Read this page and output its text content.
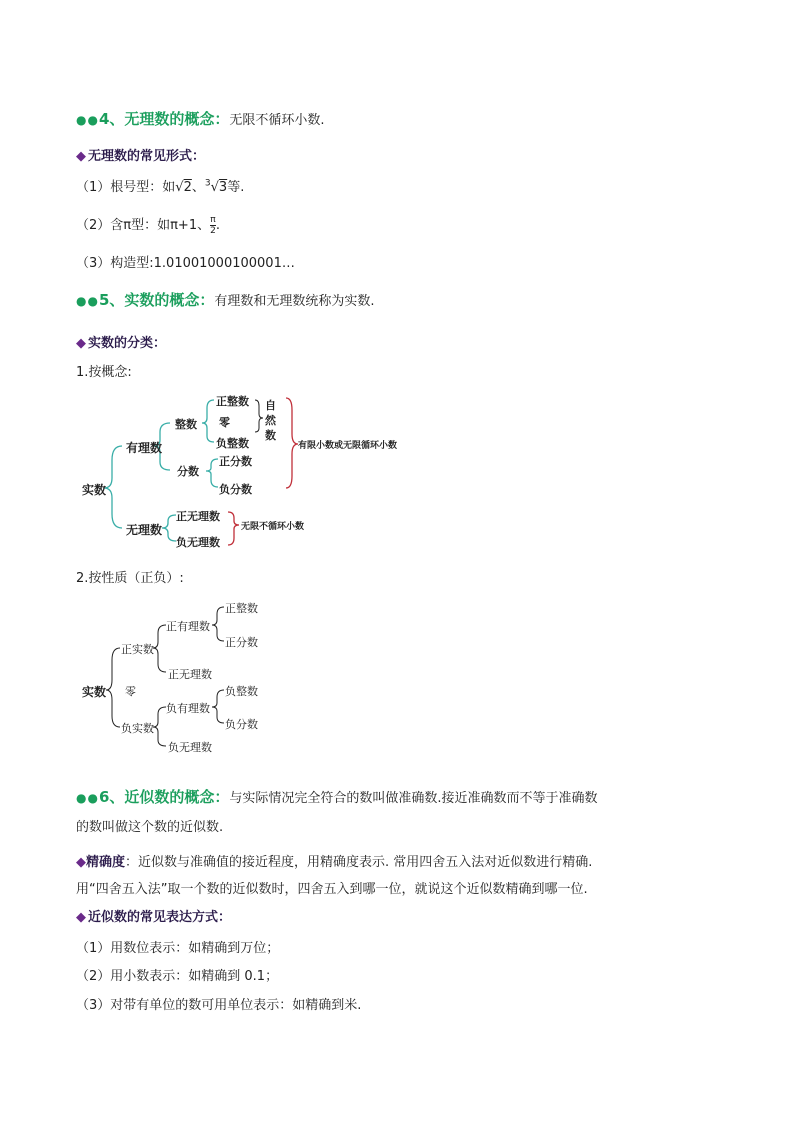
●●4、无理数的概念：无限不循环小数.
◆ 无理数的常见形式：
（1）根号型：如√2、$^3$√3等.
（2）含π型：如π+1、 $\frac{\pi}{2}$ .
（3）构造型:1.01001000100001…
●●5、实数的概念：有理数和无理数统称为实数.
◆ 实数的分类：
1.按概念:
实数
有理数
无理数
整数
分数
正整数
零
负整数
自
然
数
正分数
负分数
有限小数或无限循环小数
正无理数
负无理数
无限不循环小数
2.按性质（正负）:
实数
正实数
正有理数
正整数
正分数
正无理数
零
负实数
负有理数
负整数
负分数
负无理数
●●6、近似数的概念：与实际情况完全符合的数叫做准确数.接近准确数而不等于准确数
的数叫做这个数的近似数.
◆精确度：近似数与准确值的接近程度，用精确度表示. 常用四舍五入法对近似数进行精确.
用“四舍五入法”取一个数的近似数时，四舍五入到哪一位，就说这个近似数精确到哪一位.
◆ 近似数的常见表达方式：
（1）用数位表示：如精确到万位；
（2）用小数表示：如精确到 0.1；
（3）对带有单位的数可用单位表示：如精确到米.
